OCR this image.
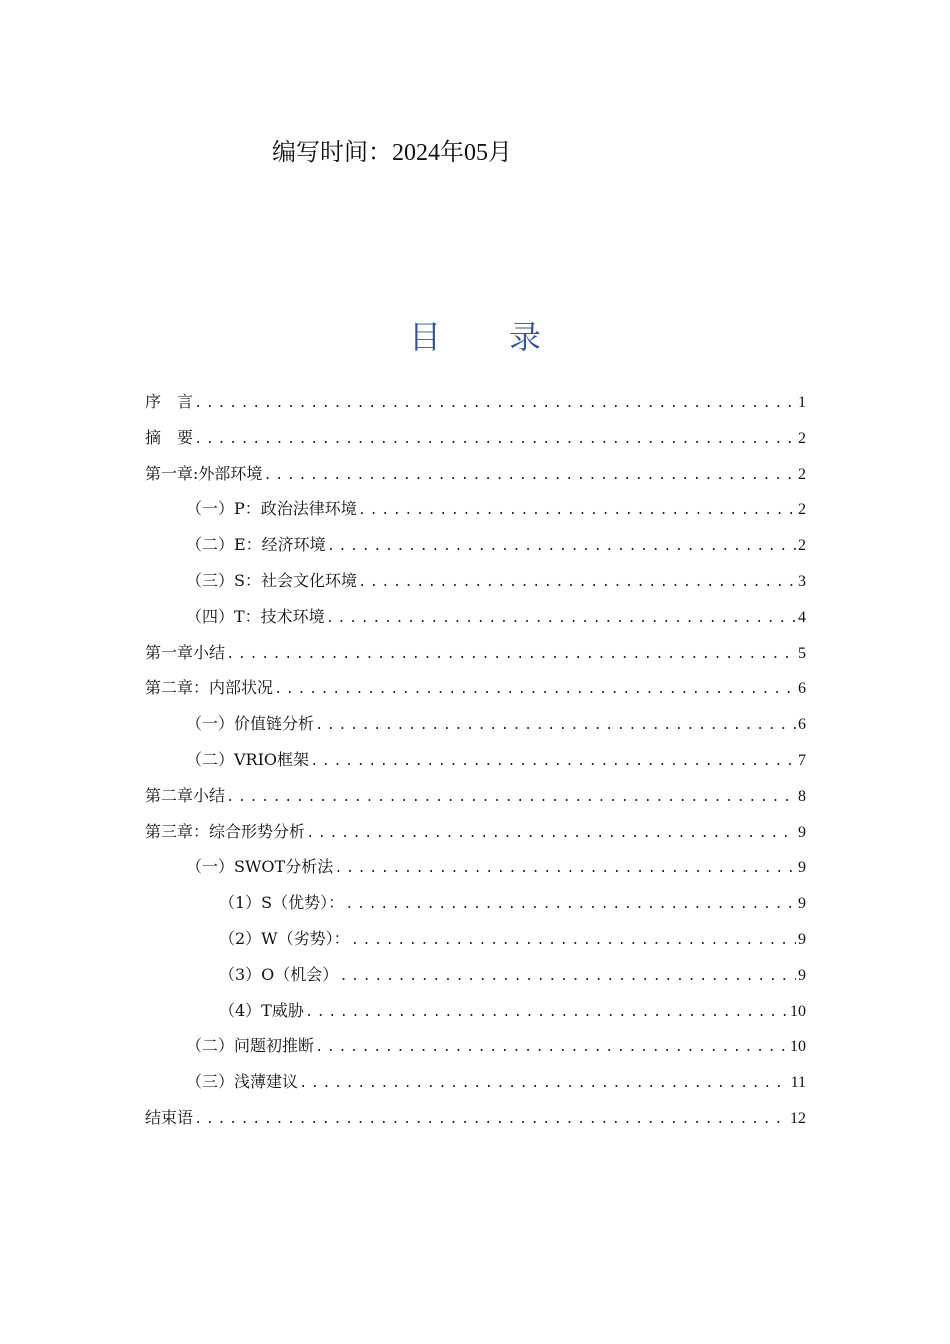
编写时间：2024年05月
目 录
序　言 .....	1
摘　要 .....	2
第一章:外部环境 .....	2
（一）P：政治法律环境 .....	2
（二）E：经济环境 .....	2
（三）S：社会文化环境 .....	3
（四）T：技术环境 .....	4
第一章小结 .....	5
第二章：内部状况 .....	6
（一）价值链分析 .....	6
（二）VRIO框架 .....	7
第二章小结 .....	8
第三章：综合形势分析 .....	9
（一）SWOT分析法 .....	9
（1）S（优势）： .....	9
（2）W（劣势）： .....	9
（3）O（机会） .....	9
（4）T威胁 .....	10
（二）问题初推断 .....	10
（三）浅薄建议 .....	11
结束语 .....	12
